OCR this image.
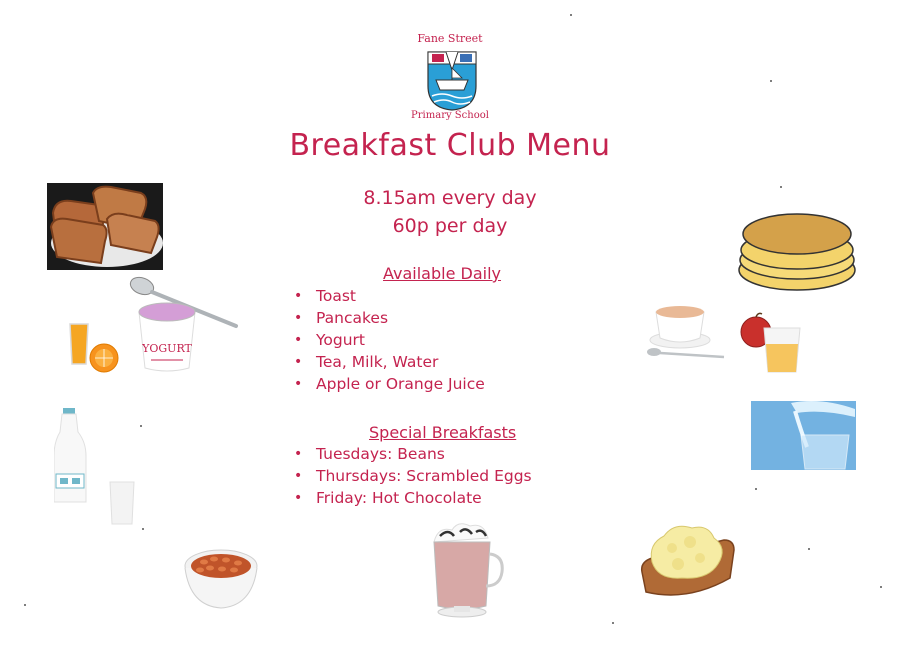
Fane Street
Primary School
Breakfast Club Menu
8.15am every day
60p per day
Available Daily
• Toast
• Pancakes
• Yogurt
• Tea, Milk, Water
• Apple or Orange Juice
Special Breakfasts
• Tuesdays: Beans
• Thursdays: Scrambled Eggs
• Friday: Hot Chocolate
YOGURT
